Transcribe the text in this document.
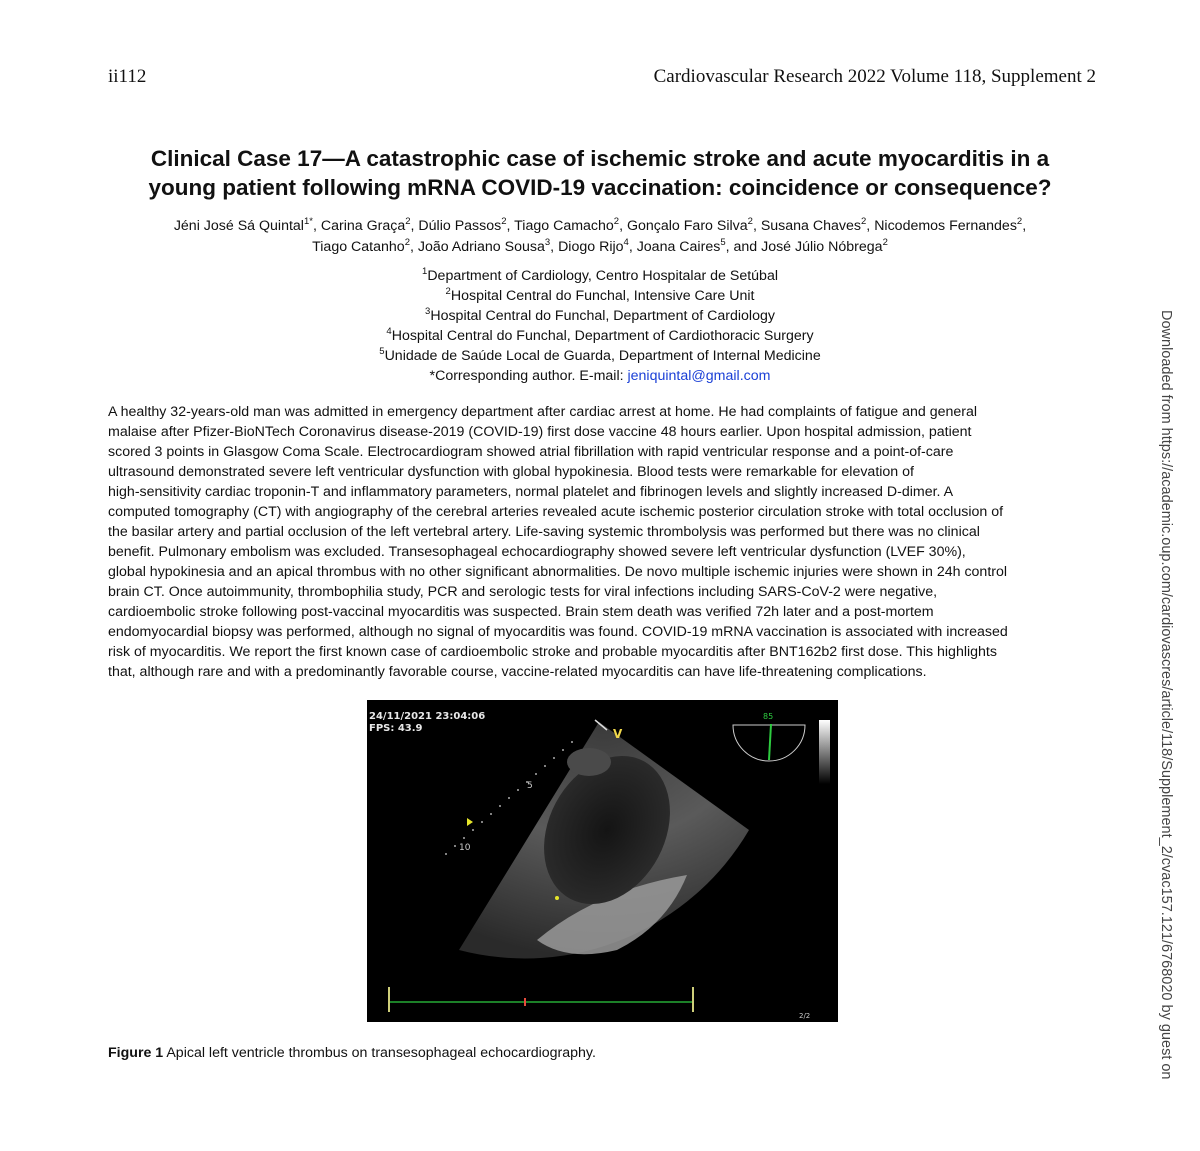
ii112	Cardiovascular Research 2022 Volume 118, Supplement 2
Clinical Case 17—A catastrophic case of ischemic stroke and acute myocarditis in a
young patient following mRNA COVID-19 vaccination: coincidence or consequence?
Jéni José Sá Quintal$^{1*}$, Carina Graça$^2$, Dúlio Passos$^2$, Tiago Camacho$^2$, Gonçalo Faro Silva$^2$, Susana Chaves$^2$, Nicodemos Fernandes$^2$,
Tiago Catanho$^2$, João Adriano Sousa$^3$, Diogo Rijo$^4$, Joana Caires$^5$, and José Júlio Nóbrega$^2$
$^1$Department of Cardiology, Centro Hospitalar de Setúbal
$^2$Hospital Central do Funchal, Intensive Care Unit
$^3$Hospital Central do Funchal, Department of Cardiology
$^4$Hospital Central do Funchal, Department of Cardiothoracic Surgery
$^5$Unidade de Saúde Local de Guarda, Department of Internal Medicine
*Corresponding author. E-mail: jeniquintal@gmail.com
A healthy 32-years-old man was admitted in emergency department after cardiac arrest at home. He had complaints of fatigue and general
malaise after Pfizer-BioNTech Coronavirus disease-2019 (COVID-19) first dose vaccine 48 hours earlier. Upon hospital admission, patient
scored 3 points in Glasgow Coma Scale. Electrocardiogram showed atrial fibrillation with rapid ventricular response and a point-of-care
ultrasound demonstrated severe left ventricular dysfunction with global hypokinesia. Blood tests were remarkable for elevation of
high-sensitivity cardiac troponin-T and inflammatory parameters, normal platelet and fibrinogen levels and slightly increased D-dimer. A
computed tomography (CT) with angiography of the cerebral arteries revealed acute ischemic posterior circulation stroke with total occlusion of
the basilar artery and partial occlusion of the left vertebral artery. Life-saving systemic thrombolysis was performed but there was no clinical
benefit. Pulmonary embolism was excluded. Transesophageal echocardiography showed severe left ventricular dysfunction (LVEF 30%),
global hypokinesia and an apical thrombus with no other significant abnormalities. De novo multiple ischemic injuries were shown in 24h control
brain CT. Once autoimmunity, thrombophilia study, PCR and serologic tests for viral infections including SARS-CoV-2 were negative,
cardioembolic stroke following post-vaccinal myocarditis was suspected. Brain stem death was verified 72h later and a post-mortem
endomyocardial biopsy was performed, although no signal of myocarditis was found. COVID-19 mRNA vaccination is associated with increased
risk of myocarditis. We report the first known case of cardioembolic stroke and probable myocarditis after BNT162b2 first dose. This highlights
that, although rare and with a predominantly favorable course, vaccine-related myocarditis can have life-threatening complications.
5
10
24/11/2021 23:04:06
FPS: 43.9	V
85
2/2
Figure 1 Apical left ventricle thrombus on transesophageal echocardiography.	Downloaded from https://academic.oup.com/cardiovascres/article/118/Supplement_2/cvac157.121/6768020 by guest on
